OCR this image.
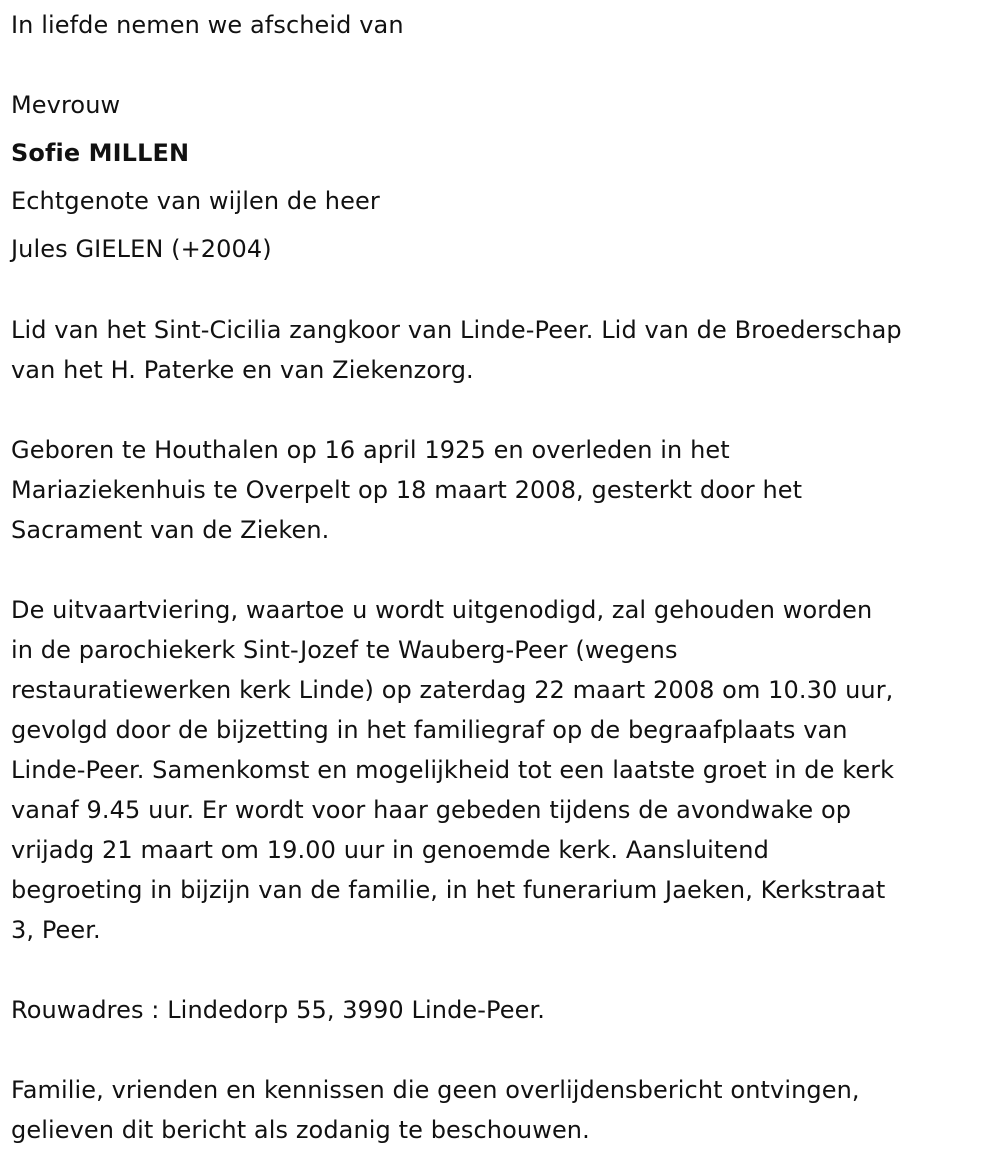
In liefde nemen we afscheid van
Mevrouw
Sofie MILLEN
Echtgenote van wijlen de heer
Jules GIELEN (+2004)
Lid van het Sint-Cicilia zangkoor van Linde-Peer. Lid van de Broederschap
van het H. Paterke en van Ziekenzorg.
Geboren te Houthalen op 16 april 1925 en overleden in het
Mariaziekenhuis te Overpelt op 18 maart 2008, gesterkt door het
Sacrament van de Zieken.
De uitvaartviering, waartoe u wordt uitgenodigd, zal gehouden worden
in de parochiekerk Sint-Jozef te Wauberg-Peer (wegens
restauratiewerken kerk Linde) op zaterdag 22 maart 2008 om 10.30 uur,
gevolgd door de bijzetting in het familiegraf op de begraafplaats van
Linde-Peer. Samenkomst en mogelijkheid tot een laatste groet in de kerk
vanaf 9.45 uur. Er wordt voor haar gebeden tijdens de avondwake op
vrijadg 21 maart om 19.00 uur in genoemde kerk. Aansluitend
begroeting in bijzijn van de familie, in het funerarium Jaeken, Kerkstraat
3, Peer.
Rouwadres : Lindedorp 55, 3990 Linde-Peer.
Familie, vrienden en kennissen die geen overlijdensbericht ontvingen,
gelieven dit bericht als zodanig te beschouwen.
